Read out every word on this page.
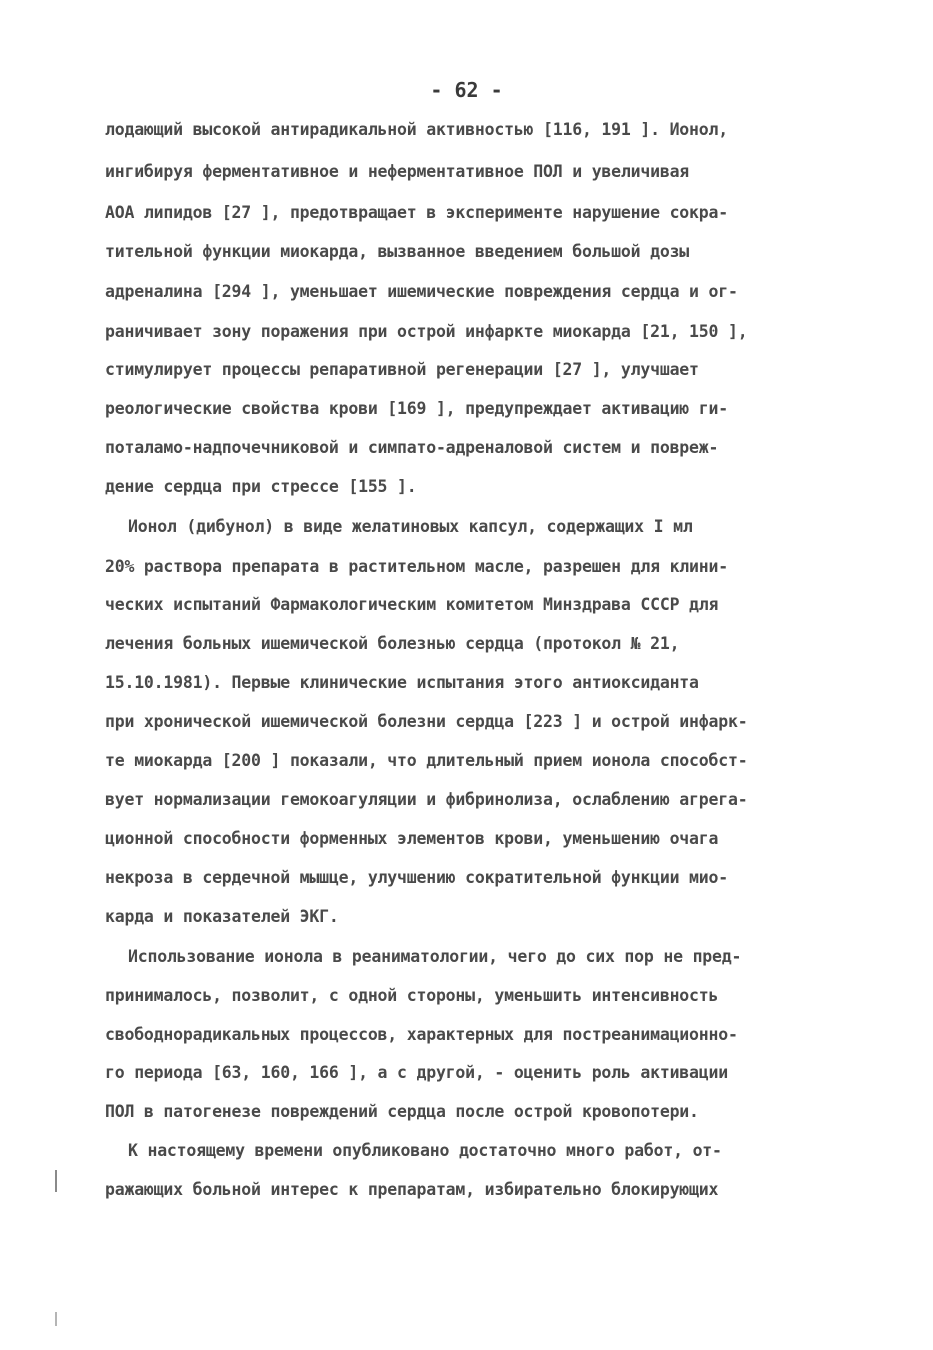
- 62 -
лодающий высокой антирадикальной активностью [116, 191 ]. Ионол,
ингибируя ферментативное и неферментативное ПОЛ и увеличивая
АОА липидов [27 ], предотвращает в эксперименте нарушение сокра-
тительной функции миокарда, вызванное введением большой дозы
адреналина [294 ], уменьшает ишемические повреждения сердца и ог-
раничивает зону поражения при острой инфаркте миокарда [21, 150 ],
стимулирует процессы репаративной регенерации [27 ], улучшает
реологические свойства крови [169 ], предупреждает активацию ги-
поталамо-надпочечниковой и симпато-адреналовой систем и повреж-
дение сердца при стрессе [155 ].
Ионол (дибунол) в виде желатиновых капсул, содержащих I мл
20% раствора препарата в растительном масле, разрешен для клини-
ческих испытаний Фармакологическим комитетом Минздрава СССР для
лечения больных ишемической болезнью сердца (протокол № 21,
15.10.1981). Первые клинические испытания этого антиоксиданта
при хронической ишемической болезни сердца [223 ] и острой инфарк-
те миокарда [200 ] показали, что длительный прием ионола способст-
вует нормализации гемокоагуляции и фибринолиза, ослаблению агрега-
ционной способности форменных элементов крови, уменьшению очага
некроза в сердечной мышце, улучшению сократительной функции мио-
карда и показателей ЭКГ.
Использование ионола в реаниматологии, чего до сих пор не пред-
принималось, позволит, с одной стороны, уменьшить интенсивность
свободнорадикальных процессов, характерных для постреанимационно-
го периода [63, 160, 166 ], а с другой, - оценить роль активации
ПОЛ в патогенезе повреждений сердца после острой кровопотери.
К настоящему времени опубликовано достаточно много работ, от-
ражающих больной интерес к препаратам, избирательно блокирующих
